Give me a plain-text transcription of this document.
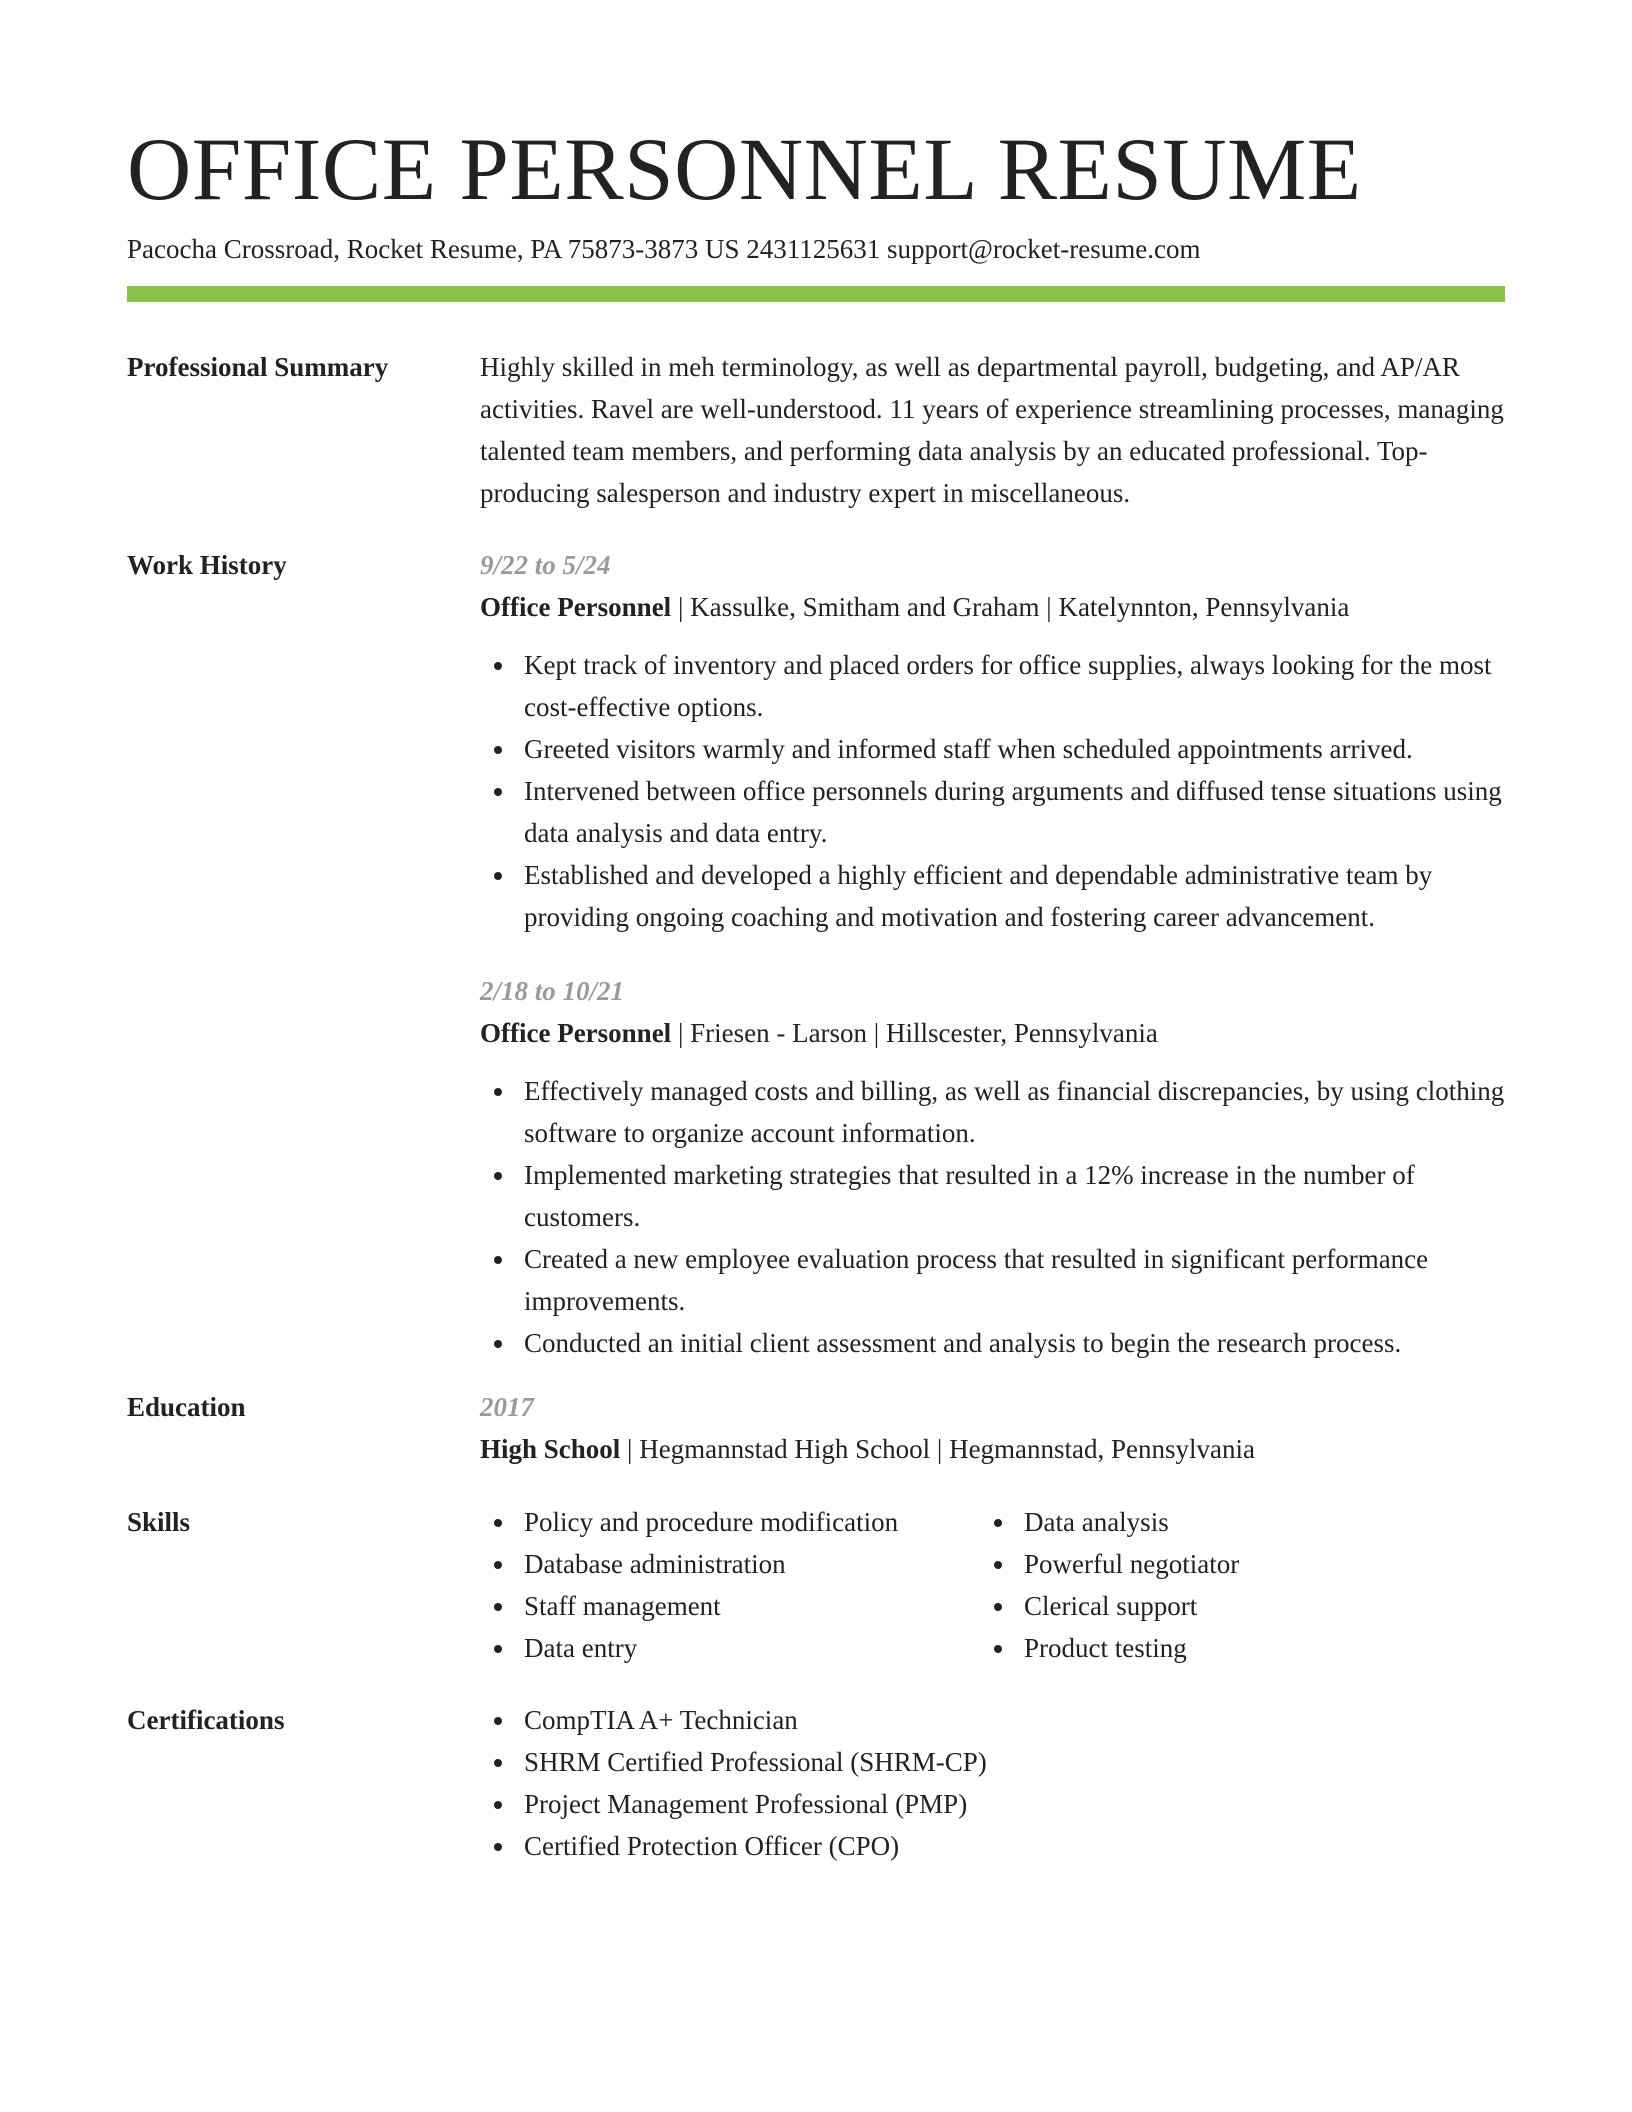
OFFICE PERSONNEL RESUME
Pacocha Crossroad, Rocket Resume, PA 75873-3873 US 2431125631 support@rocket-resume.com
Professional Summary	Highly skilled in meh terminology, as well as departmental payroll, budgeting, and AP/AR activities. Ravel are well-understood. 11 years of experience streamlining processes, managing talented team members, and performing data analysis by an educated professional. Top-producing salesperson and industry expert in miscellaneous.

Work History	9/22 to 5/24
Office Personnel | Kassulke, Smitham and Graham | Katelynnton, Pennsylvania
Kept track of inventory and placed orders for office supplies, always looking for the most cost-effective options.
Greeted visitors warmly and informed staff when scheduled appointments arrived.
Intervened between office personnels during arguments and diffused tense situations using data analysis and data entry.
Established and developed a highly efficient and dependable administrative team by providing ongoing coaching and motivation and fostering career advancement.
2/18 to 10/21
Office Personnel | Friesen - Larson | Hillscester, Pennsylvania
Effectively managed costs and billing, as well as financial discrepancies, by using clothing software to organize account information.
Implemented marketing strategies that resulted in a 12% increase in the number of customers.
Created a new employee evaluation process that resulted in significant performance improvements.
Conducted an initial client assessment and analysis to begin the research process.
Education	2017
High School | Hegmannstad High School | Hegmannstad, Pennsylvania
Skills	Policy and procedure modification
Database administration
Staff management
Data entry
Data analysis
Powerful negotiator
Clerical support
Product testing
Certifications	CompTIA A+ Technician
SHRM Certified Professional (SHRM-CP)
Project Management Professional (PMP)
Certified Protection Officer (CPO)
